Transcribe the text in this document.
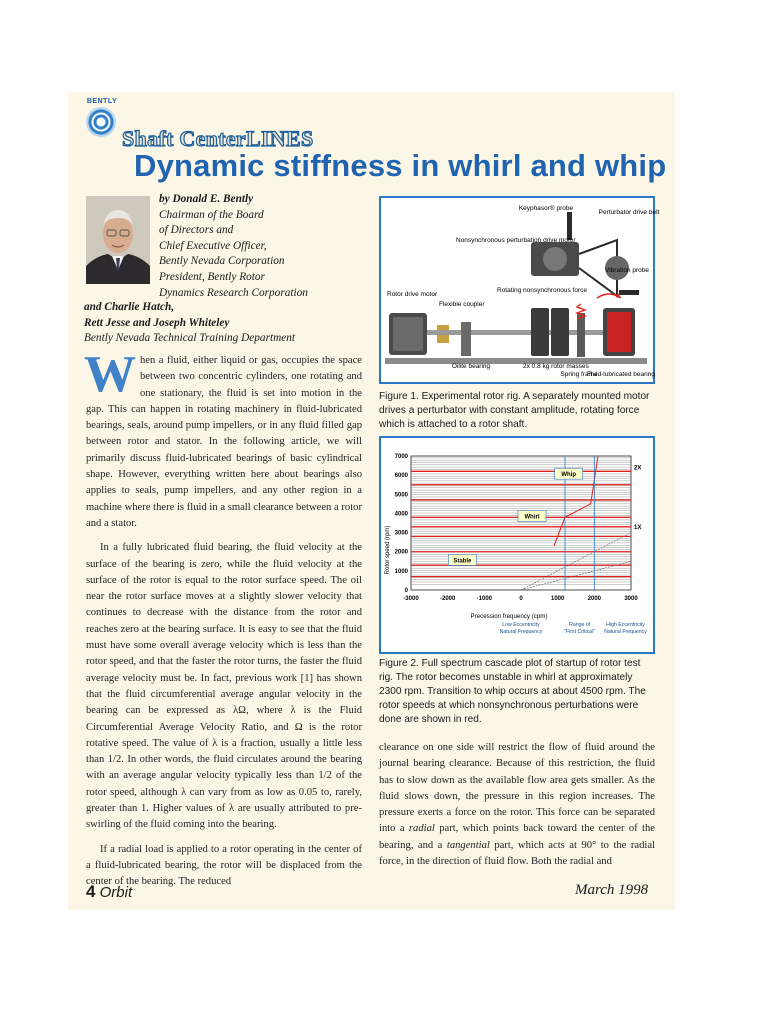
BENTLY
Shaft CenterLINES
Dynamic stiffness in whirl and whip
by Donald E. Bently
Chairman of the Board
of Directors and
Chief Executive Officer,
Bently Nevada Corporation
President, Bently Rotor
Dynamics Research Corporation
and Charlie Hatch,
Rett Jesse and Joseph Whiteley
Bently Nevada Technical Training Department

When a fluid, either liquid or gas, occupies the space between two concentric cylinders, one rotating and one stationary, the fluid is set into motion in the gap. This can happen in rotating machinery in fluid-lubricated bearings, seals, around pump impellers, or in any fluid filled gap between rotor and stator. In the following article, we will primarily discuss fluid-lubricated bearings of basic cylindrical shape. However, everything written here about bearings also applies to seals, pump impellers, and any other region in a machine where there is fluid in a small clearance between a rotor and a stator.

In a fully lubricated fluid bearing, the fluid velocity at the surface of the bearing is zero, while the fluid velocity at the surface of the rotor is equal to the rotor surface speed. The oil near the rotor surface moves at a slightly slower velocity that continues to decrease with the distance from the rotor and reaches zero at the bearing surface. It is easy to see that the fluid must have some overall average velocity which is less than the rotor speed, and that the faster the rotor turns, the faster the fluid average velocity must be. In fact, previous work [1] has shown that the fluid circumferential average angular velocity in the bearing can be expressed as λΩ, where λ is the Fluid Circumferential Average Velocity Ratio, and Ω is the rotor rotative speed. The value of λ is a fraction, usually a little less than 1/2. In other words, the fluid circulates around the bearing with an average angular velocity typically less than 1/2 of the rotor speed, although λ can vary from as low as 0.05 to, rarely, greater than 1. Higher values of λ are usually attributed to pre-swirling of the fluid coming into the bearing.

If a radial load is applied to a rotor operating in the center of a fluid-lubricated bearing, the rotor will be displaced from the center of the bearing. The reduced

Keyphasor® probe
Perturbator drive belt
Nonsynchronous perturbation drive motor
Vibration probe
Rotating nonsynchronous force
Rotor drive motor
Flexible coupler
Oilite bearing	2x 0.8 kg rotor masses
Spring frame
Fluid-lubricated bearing
Figure 1. Experimental rotor rig. A separately mounted motor drives a perturbator with constant amplitude, rotating force which is attached to a rotor shaft.
0
1000
2000
3000
4000
5000
6000
7000
-3000	-2000	-1000	0	1000	2000	3000
Whip
Whirl
Stable
2X
1X
Low Eccentricity
Natural Frequency
Range of
"First Critical"
High Eccentricity
Natural Frequency
Rotor speed (rpm)
Precession frequency (cpm)
Figure 2. Full spectrum cascade plot of startup of rotor test rig. The rotor becomes unstable in whirl at approximately 2300 rpm. Transition to whip occurs at about 4500 rpm. The rotor speeds at which nonsynchronous perturbations were done are shown in red.

clearance on one side will restrict the flow of fluid around the journal bearing clearance. Because of this restriction, the fluid has to slow down as the available flow area gets smaller. As the fluid slows down, the pressure in this region increases. The pressure exerts a force on the rotor. This force can be separated into a radial part, which points back toward the center of the bearing, and a tangential part, which acts at 90° to the radial force, in the direction of fluid flow. Both the radial and

4 Orbit	March 1998
